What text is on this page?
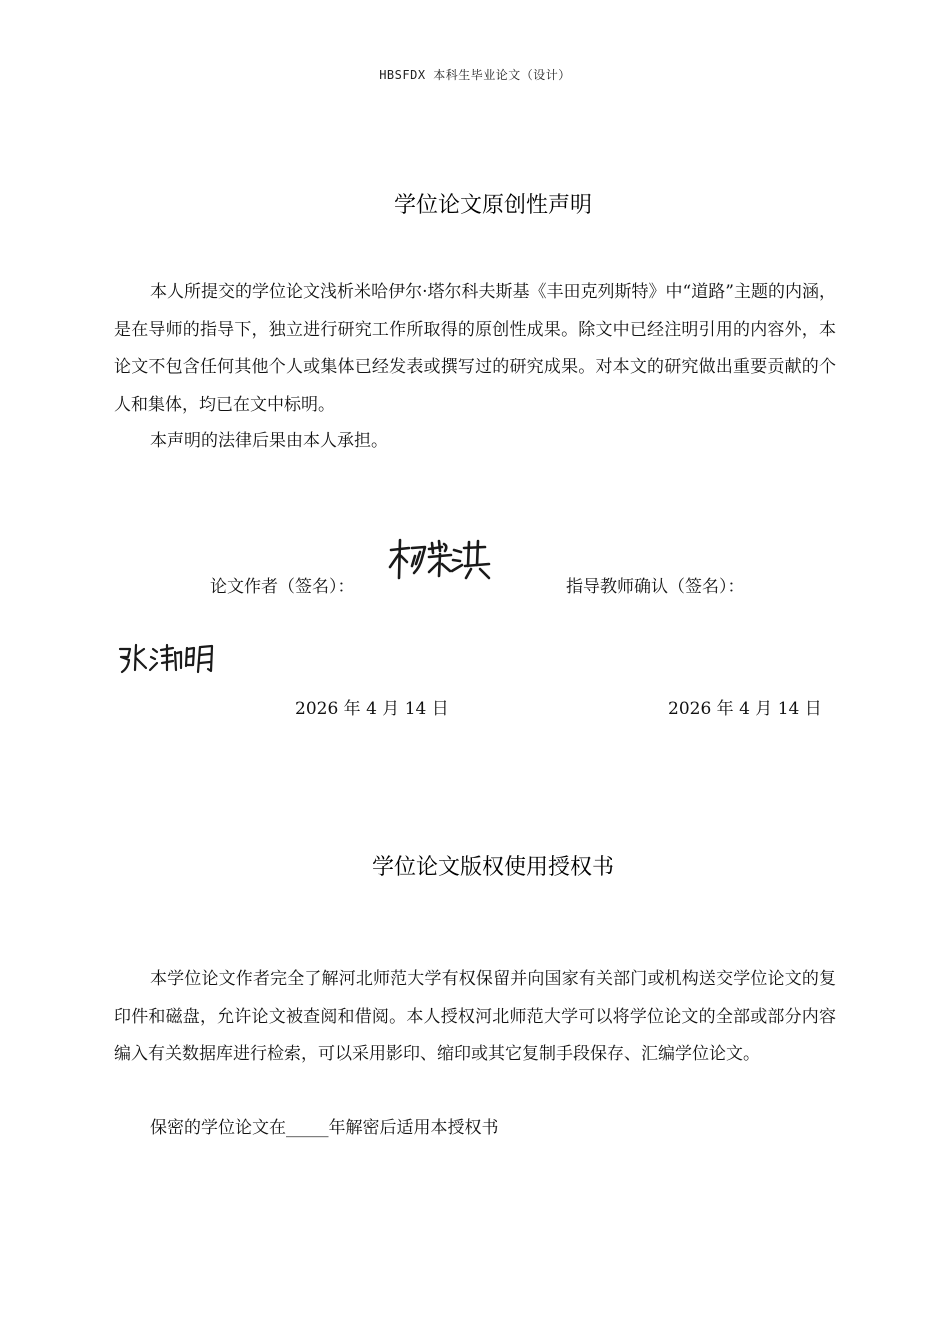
HBSFDX 本科生毕业论文（设计）
学位论文原创性声明
本人所提交的学位论文浅析米哈伊尔·塔尔科夫斯基《丰田克列斯特》中“道路”主题的内涵，是在导师的指导下，独立进行研究工作所取得的原创性成果。除文中已经注明引用的内容外，本论文不包含任何其他个人或集体已经发表或撰写过的研究成果。对本文的研究做出重要贡献的个人和集体，均已在文中标明。
本声明的法律后果由本人承担。
论文作者（签名）：	指导教师确认（签名）：
2026 年 4 月 14 日	2026 年 4 月 14 日
学位论文版权使用授权书
本学位论文作者完全了解河北师范大学有权保留并向国家有关部门或机构送交学位论文的复印件和磁盘，允许论文被查阅和借阅。本人授权河北师范大学可以将学位论文的全部或部分内容编入有关数据库进行检索，可以采用影印、缩印或其它复制手段保存、汇编学位论文。
保密的学位论文在_____年解密后适用本授权书
